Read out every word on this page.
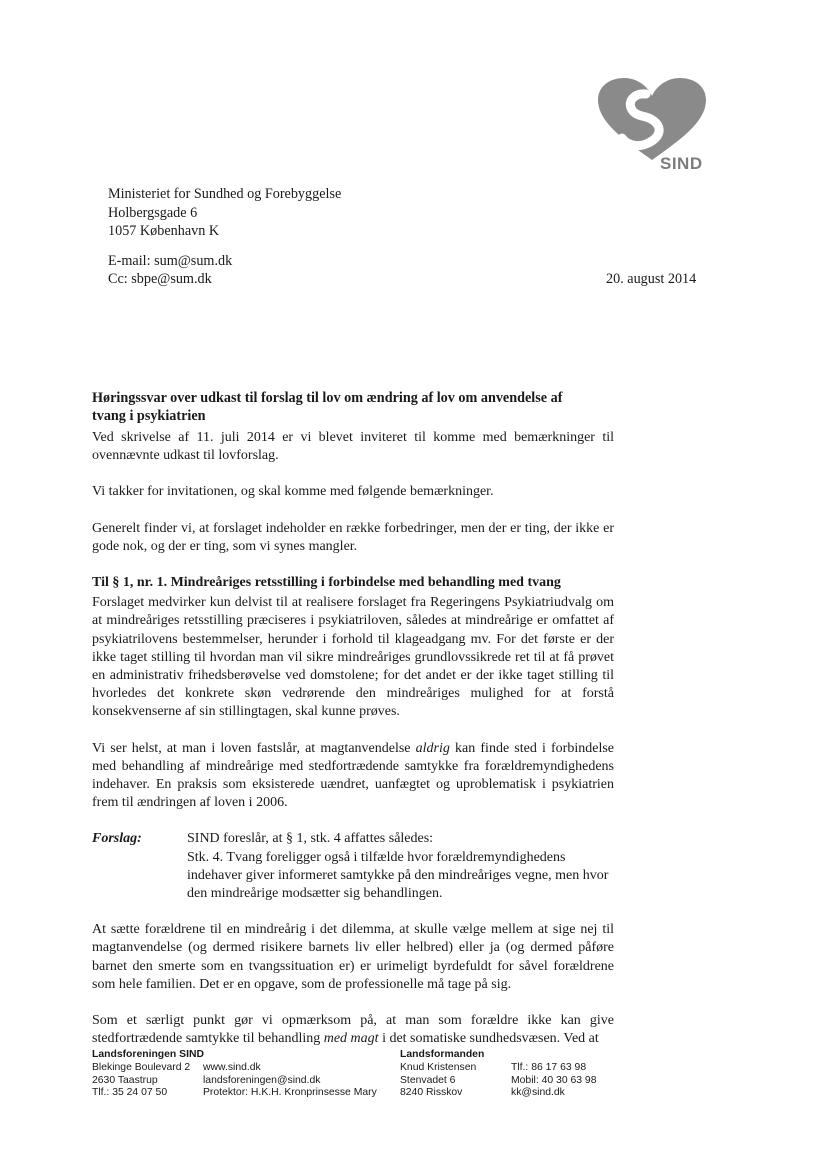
SIND
Ministeriet for Sundhed og Forebyggelse
Holbergsgade 6
1057 København K
E-mail: sum@sum.dk
Cc: sbpe@sum.dk	20. august 2014
Høringssvar over udkast til forslag til lov om ændring af lov om anvendelse af
tvang i psykiatrien

Ved skrivelse af 11. juli 2014 er vi blevet inviteret til komme med bemærkninger til ovennævnte udkast til lovforslag.

Vi takker for invitationen, og skal komme med følgende bemærkninger.

Generelt finder vi, at forslaget indeholder en række forbedringer, men der er ting, der ikke er gode nok, og der er ting, som vi synes mangler.

Til § 1, nr. 1. Mindreåriges retsstilling i forbindelse med behandling med tvang

Forslaget medvirker kun delvist til at realisere forslaget fra Regeringens Psykiatriudvalg om at mindreåriges retsstilling præciseres i psykiatriloven, således at mindreårige er omfattet af psykiatrilovens bestemmelser, herunder i forhold til klageadgang mv. For det første er der ikke taget stilling til hvordan man vil sikre mindreåriges grundlovssikrede ret til at få prøvet en administrativ frihedsberøvelse ved domstolene; for det andet er der ikke taget stilling til hvorledes det konkrete skøn vedrørende den mindreåriges mulighed for at forstå konsekvenserne af sin stillingtagen, skal kunne prøves.

Vi ser helst, at man i loven fastslår, at magtanvendelse aldrig kan finde sted i forbindelse med behandling af mindreårige med stedfortrædende samtykke fra forældremyndighedens indehaver. En praksis som eksisterede uændret, uanfægtet og uproblematisk i psykiatrien frem til ændringen af loven i 2006.

Forslag:	SIND foreslår, at § 1, stk. 4 affattes således:
Stk. 4. Tvang foreligger også i tilfælde hvor forældremyndighedens indehaver giver informeret samtykke på den mindreåriges vegne, men hvor den mindreårige modsætter sig behandlingen.

At sætte forældrene til en mindreårig i det dilemma, at skulle vælge mellem at sige nej til magtanvendelse (og dermed risikere barnets liv eller helbred) eller ja (og dermed påføre barnet den smerte som en tvangssituation er) er urimeligt byrdefuldt for såvel forældrene som hele familien. Det er en opgave, som de professionelle må tage på sig.

Som et særligt punkt gør vi opmærksom på, at man som forældre ikke kan give stedfortrædende samtykke til behandling med magt i det somatiske sundhedsvæsen. Ved at

Landsforeningen SIND
Blekinge Boulevard 2
2630 Taastrup
Tlf.: 35 24 07 50
www.sind.dk
landsforeningen@sind.dk
Protektor: H.K.H. Kronprinsesse Mary
Landsformanden
Knud Kristensen
Stenvadet 6
8240 Risskov
Tlf.: 86 17 63 98
Mobil: 40 30 63 98
kk@sind.dk
